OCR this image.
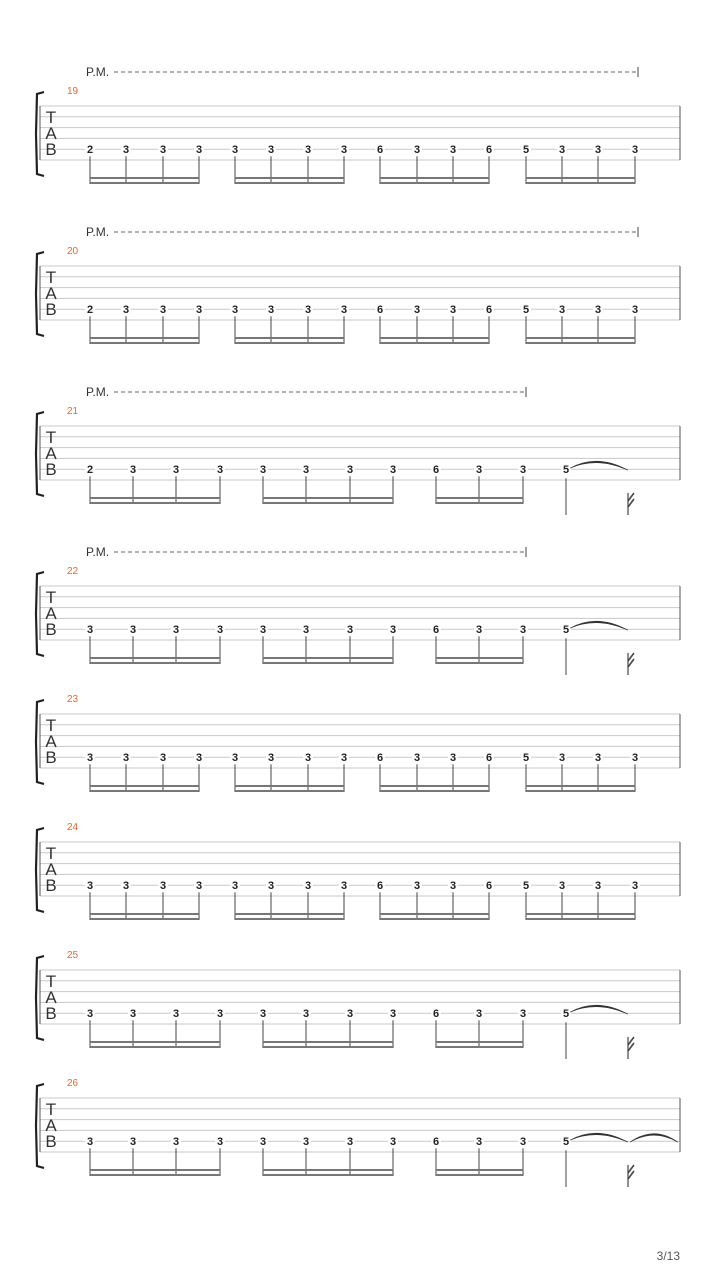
P.M.
19
T
A
B	2	3	3	3	3	3	3	3	6	3	3	6	5	3	3	3
P.M.
20
T
A
B	2	3	3	3	3	3	3	3	6	3	3	6	5	3	3	3
P.M.
21
T
A
B	2	3	3	3	3	3	3	3	6	3	3	5
P.M.
22
T
A
B	3	3	3	3	3	3	3	3	6	3	3	5
23
T
A
B	3	3	3	3	3	3	3	3	6	3	3	6	5	3	3	3
24
T
A
B	3	3	3	3	3	3	3	3	6	3	3	6	5	3	3	3
25
T
A
B	3	3	3	3	3	3	3	3	6	3	3	5
26
T
A
B	3	3	3	3	3	3	3	3	6	3	3	5
3/13
